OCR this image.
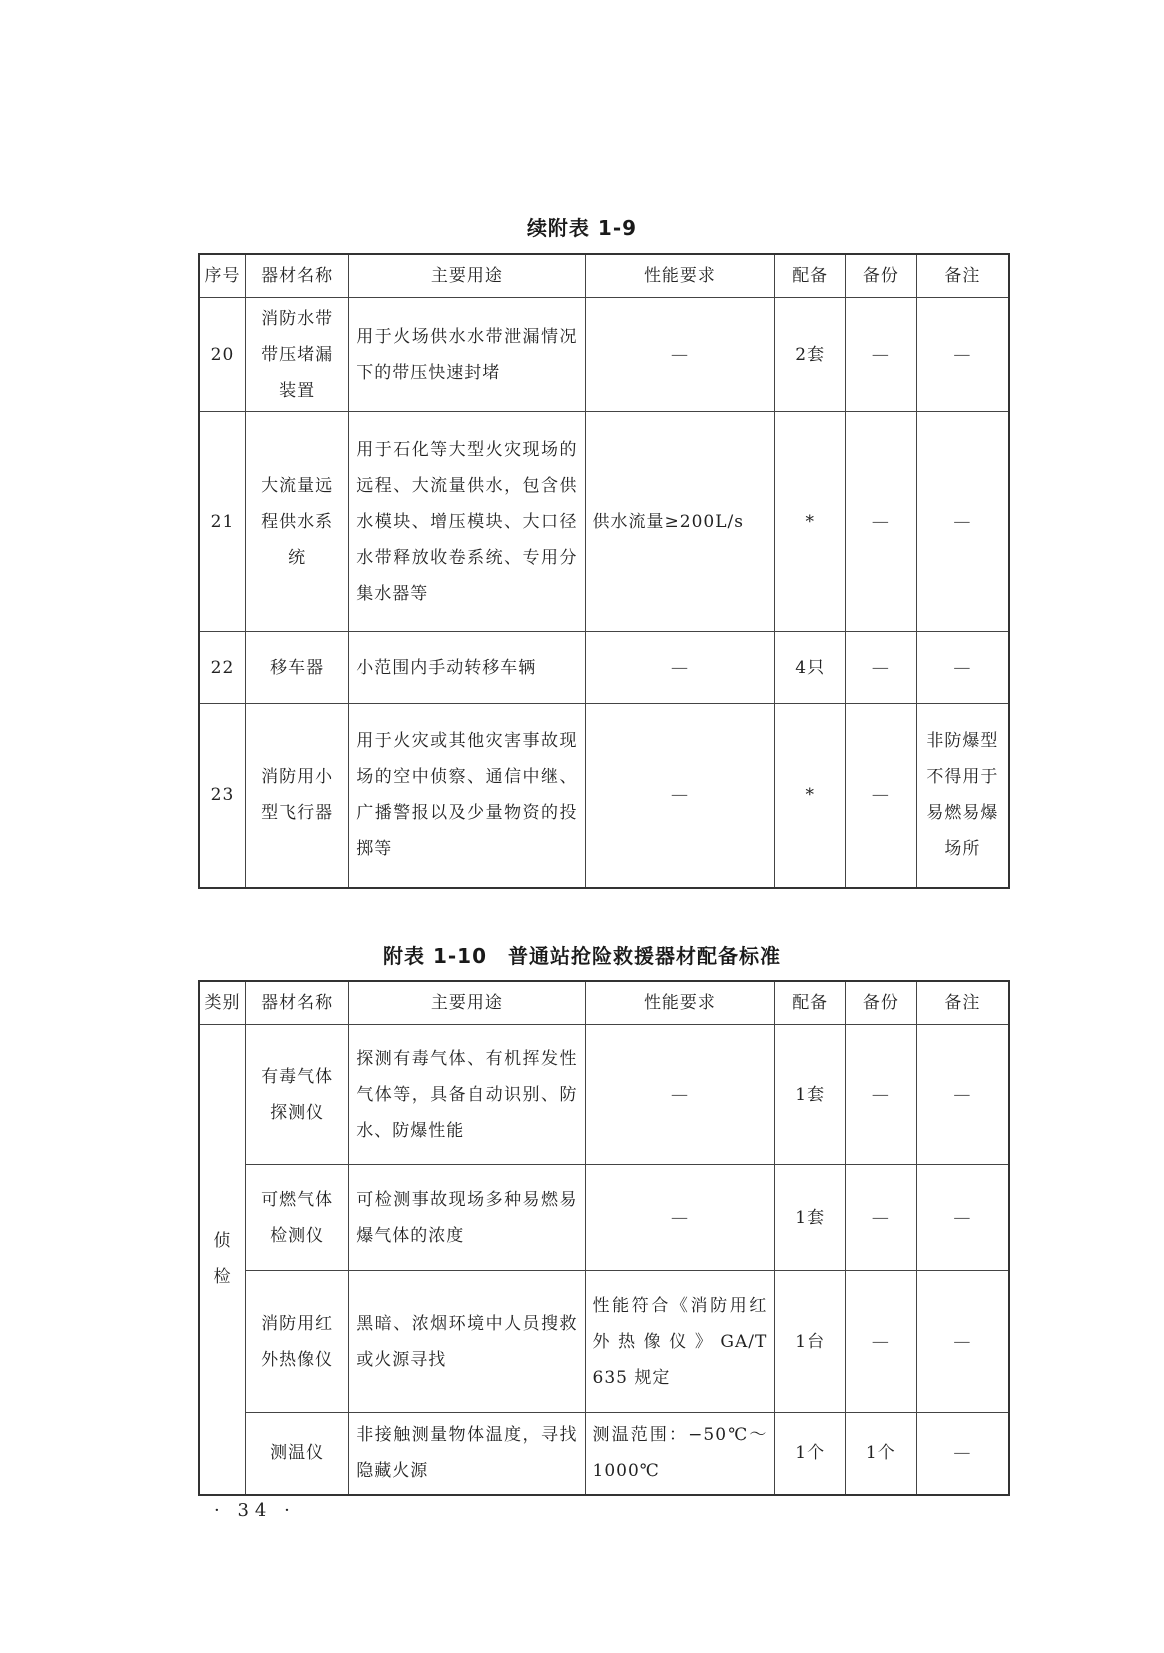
续附表 1-9
序号	器材名称	主要用途	性能要求	配备	备份	备注
20	消防水带带压堵漏装置	用于火场供水水带泄漏情况下的带压快速封堵	—	2套	—	—
21	大流量远程供水系统	用于石化等大型火灾现场的远程、大流量供水，包含供水模块、增压模块、大口径水带释放收卷系统、专用分集水器等	供水流量≥200L/s	*	—	—
22	移车器	小范围内手动转移车辆	—	4只	—	—
23	消防用小型飞行器	用于火灾或其他灾害事故现场的空中侦察、通信中继、广播警报以及少量物资的投掷等	—	*	—	非防爆型不得用于易燃易爆场所
附表 1-10　普通站抢险救援器材配备标准
类别	器材名称	主要用途	性能要求	配备	备份	备注
侦检	有毒气体探测仪	探测有毒气体、有机挥发性气体等，具备自动识别、防水、防爆性能	—	1套	—	—
	可燃气体检测仪	可检测事故现场多种易燃易爆气体的浓度	—	1套	—	—
	消防用红外热像仪	黑暗、浓烟环境中人员搜救或火源寻找	性能符合《消防用红外热像仪》GA/T 635 规定	1台	—	—
	测温仪	非接触测量物体温度，寻找隐藏火源	测温范围：−50℃～1000℃	1个	1个	—
· 34 ·
